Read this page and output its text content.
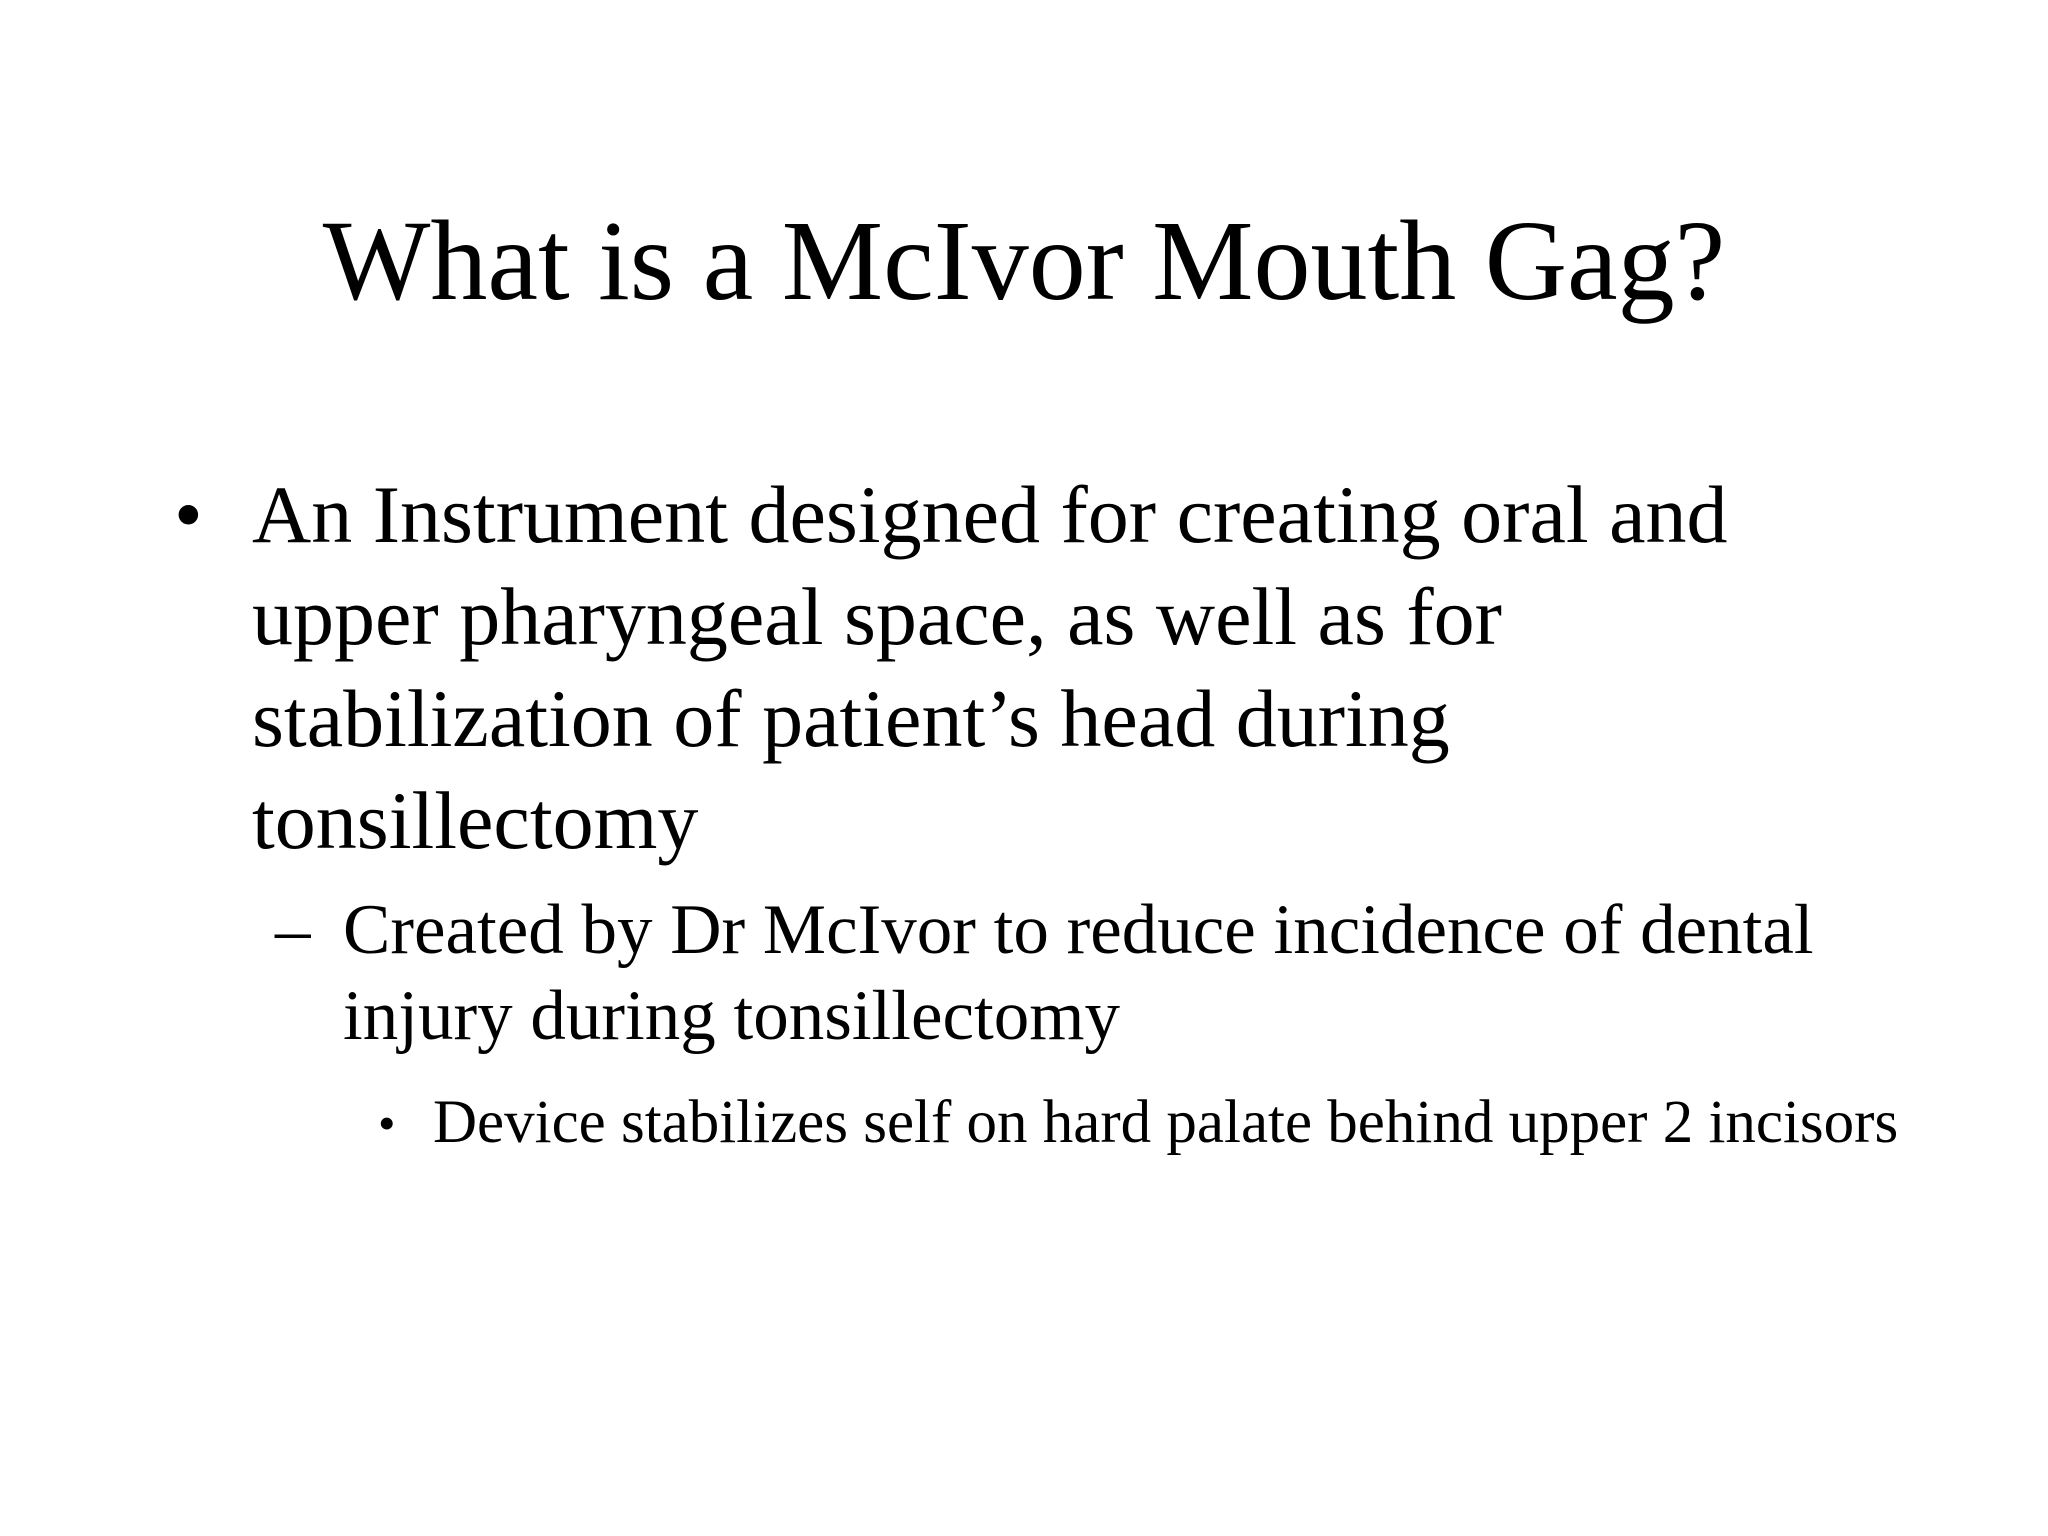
What is a McIvor Mouth Gag?
• An Instrument designed for creating oral and upper pharyngeal space, as well as for stabilization of patient’s head during tonsillectomy
– Created by Dr McIvor to reduce incidence of dental injury during tonsillectomy
• Device stabilizes self on hard palate behind upper 2 incisors
